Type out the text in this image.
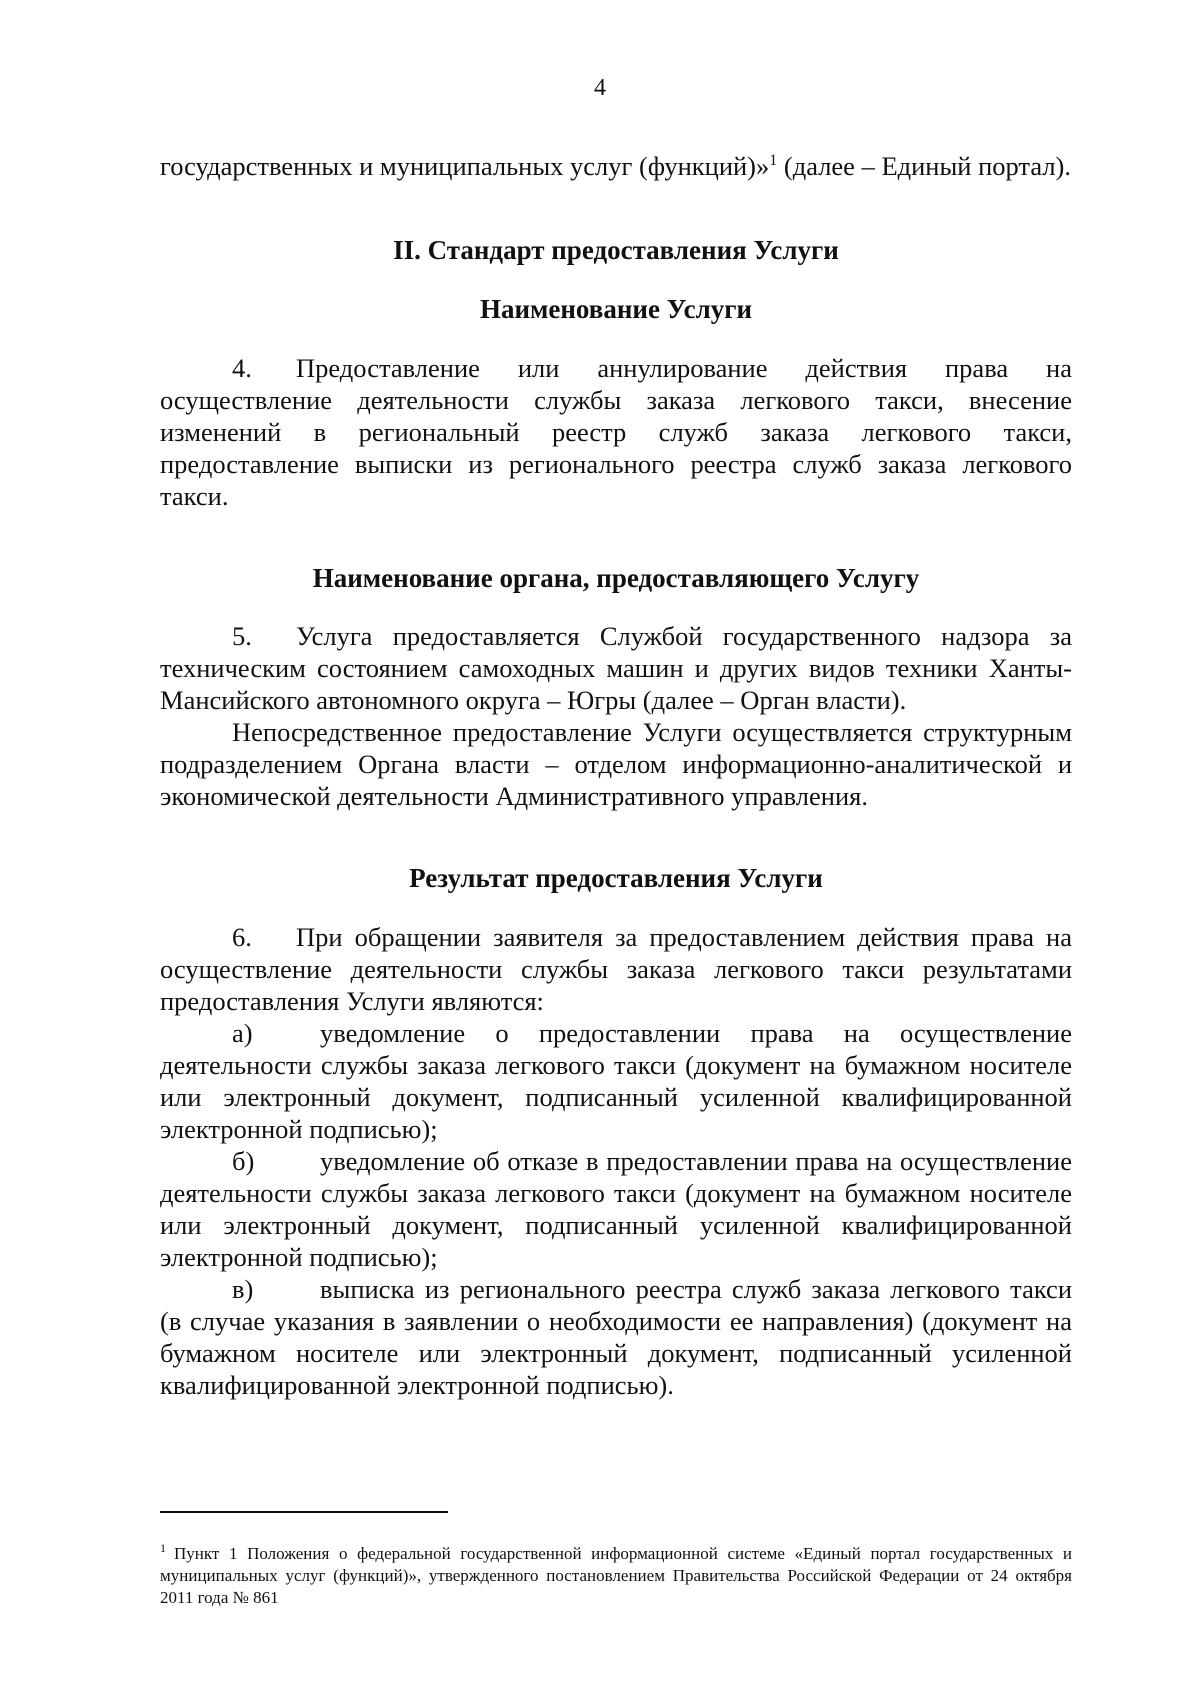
4

государственных и муниципальных услуг (функций)»$^1$ (далее – Единый портал).

II. Стандарт предоставления Услуги

Наименование Услуги

4. Предоставление или аннулирование действия права на осуществление деятельности службы заказа легкового такси, внесение изменений в региональный реестр служб заказа легкового такси, предоставление выписки из регионального реестра служб заказа легкового такси.

Наименование органа, предоставляющего Услугу

5. Услуга предоставляется Службой государственного надзора за техническим состоянием самоходных машин и других видов техники Ханты-Мансийского автономного округа – Югры (далее – Орган власти).

Непосредственное предоставление Услуги осуществляется структурным подразделением Органа власти – отделом информационно-аналитической и экономической деятельности Административного управления.

Результат предоставления Услуги

6. При обращении заявителя за предоставлением действия права на осуществление деятельности службы заказа легкового такси результатами предоставления Услуги являются:

а)	уведомление о предоставлении права на осуществление деятельности службы заказа легкового такси (документ на бумажном носителе или электронный документ, подписанный усиленной квалифицированной электронной подписью);

б) уведомление об отказе в предоставлении права на осуществление деятельности службы заказа легкового такси (документ на бумажном носителе или электронный документ, подписанный усиленной квалифицированной электронной подписью);

в)	выписка из регионального реестра служб заказа легкового такси (в случае указания в заявлении о необходимости ее направления) (документ на бумажном носителе или электронный документ, подписанный усиленной квалифицированной электронной подписью).

$^1$ Пункт 1 Положения о федеральной государственной информационной системе «Единый портал государственных и муниципальных услуг (функций)», утвержденного постановлением Правительства Российской Федерации от 24 октября 2011 года № 861
